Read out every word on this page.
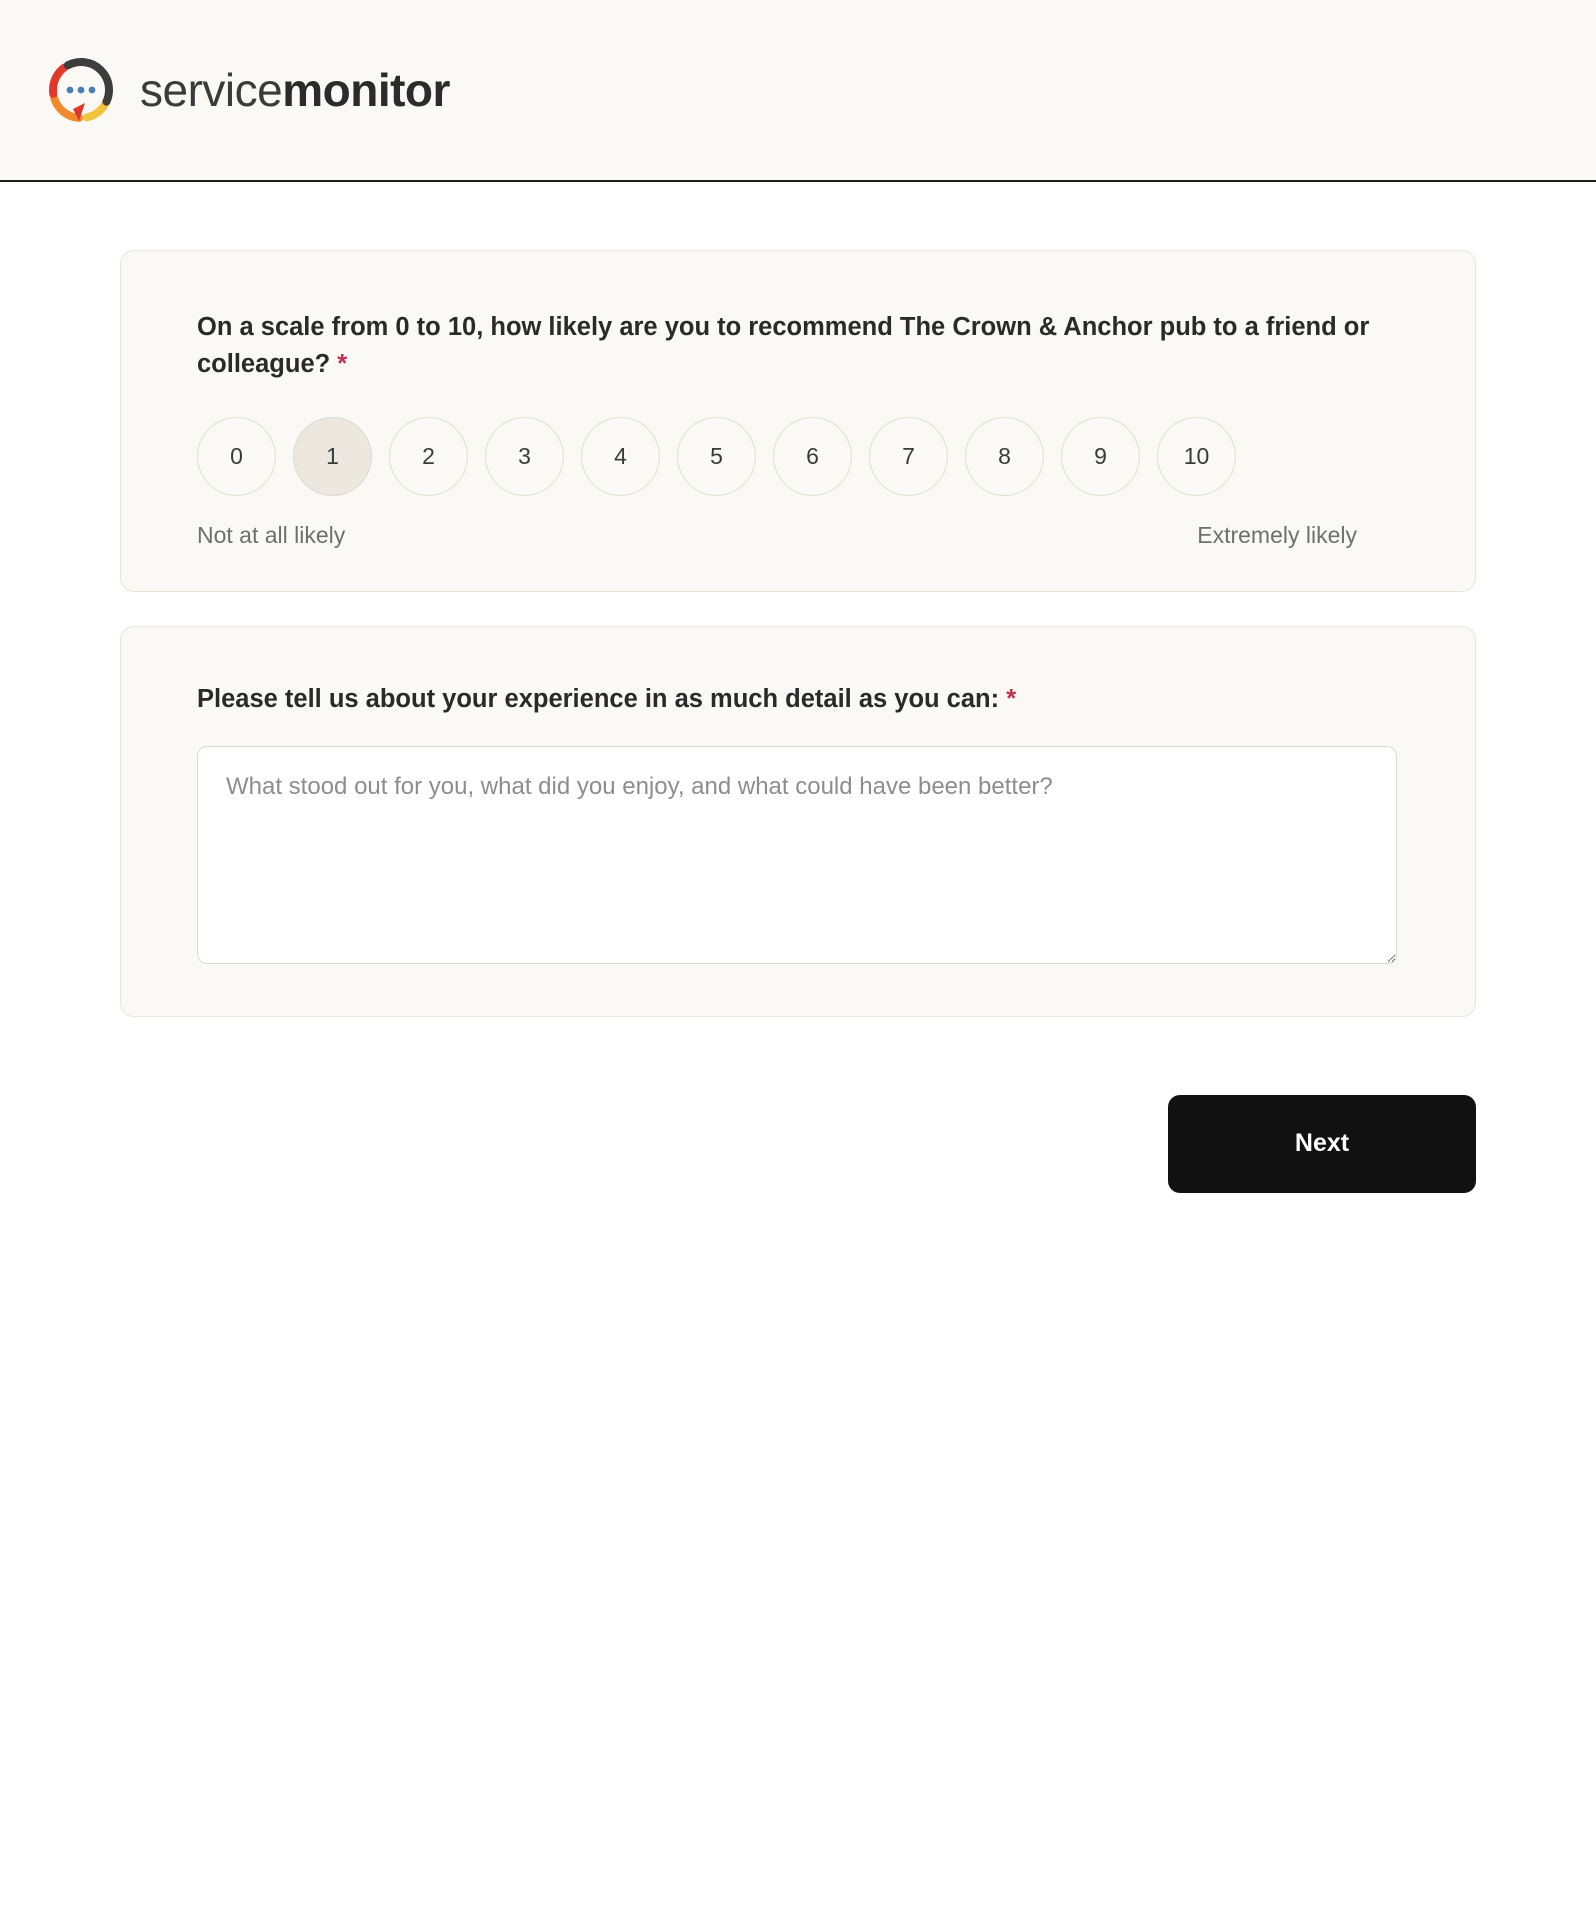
servicemonitor

On a scale from 0 to 10, how likely are you to recommend The Crown & Anchor pub to a friend or colleague? *

0	1	2	3	4	5	6	7	8	9	10
Not at all likely	Extremely likely

Please tell us about your experience in as much detail as you can: *

What stood out for you, what did you enjoy, and what could have been better?
Next
